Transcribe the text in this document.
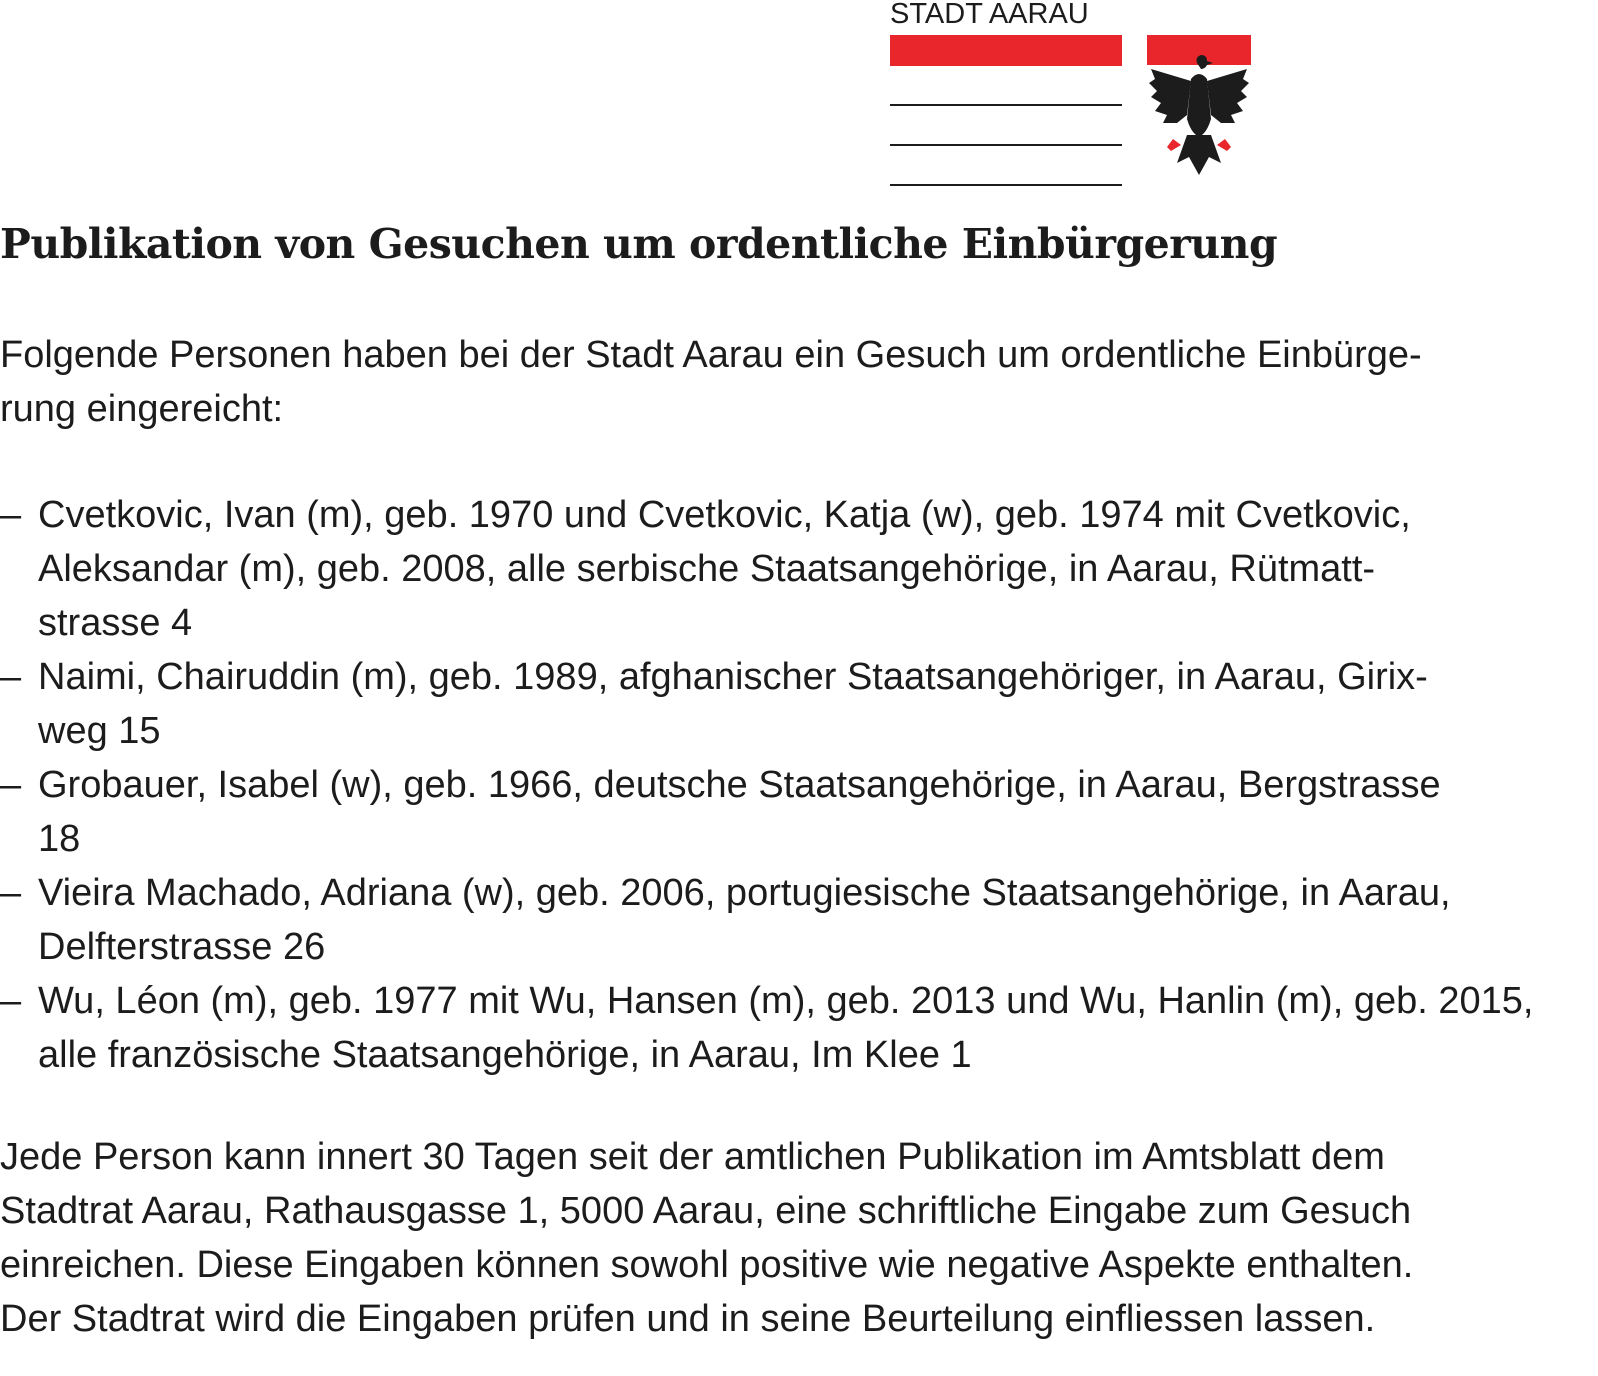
STADT AARAU
Publikation von Gesuchen um ordentliche Einbürgerung

Folgende Personen haben bei der Stadt Aarau ein Gesuch um ordentliche Einbürge-
rung eingereicht:

– Cvetkovic, Ivan (m), geb. 1970 und Cvetkovic, Katja (w), geb. 1974 mit Cvetkovic,
Aleksandar (m), geb. 2008, alle serbische Staatsangehörige, in Aarau, Rütmatt-
strasse 4
– Naimi, Chairuddin (m), geb. 1989, afghanischer Staatsangehöriger, in Aarau, Girix-
weg 15
– Grobauer, Isabel (w), geb. 1966, deutsche Staatsangehörige, in Aarau, Bergstrasse
18
– Vieira Machado, Adriana (w), geb. 2006, portugiesische Staatsangehörige, in Aarau,
Delfterstrasse 26
– Wu, Léon (m), geb. 1977 mit Wu, Hansen (m), geb. 2013 und Wu, Hanlin (m), geb. 2015,
alle französische Staatsangehörige, in Aarau, Im Klee 1

Jede Person kann innert 30 Tagen seit der amtlichen Publikation im Amtsblatt dem
Stadtrat Aarau, Rathausgasse 1, 5000 Aarau, eine schriftliche Eingabe zum Gesuch
einreichen. Diese Eingaben können sowohl positive wie negative Aspekte enthalten.
Der Stadtrat wird die Eingaben prüfen und in seine Beurteilung einfliessen lassen.
